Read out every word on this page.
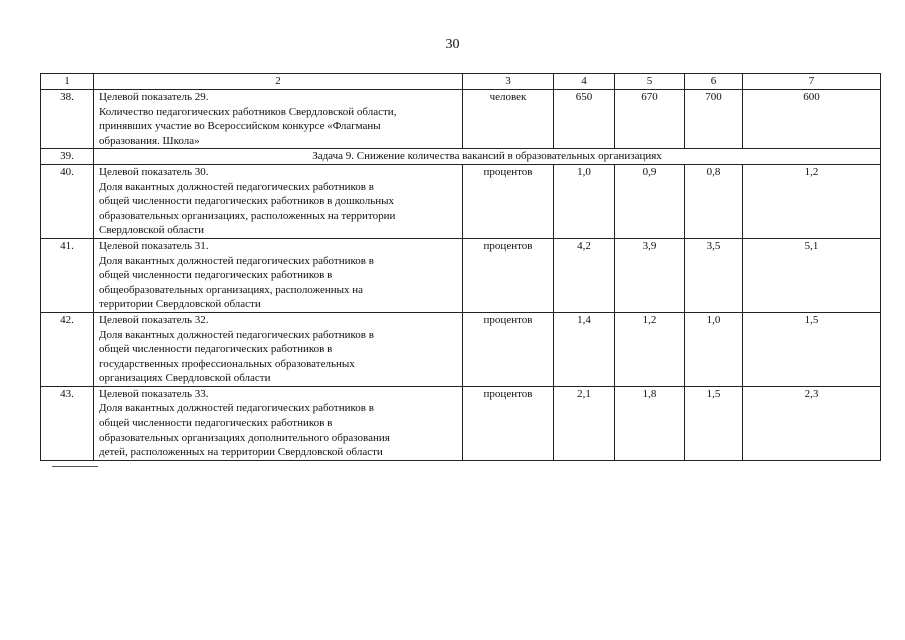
30
1	2	3	4	5	6	7
38.	Целевой показатель 29.
Количество педагогических работников Свердловской области,
принявших участие во Всероссийском конкурсе «Флагманы
образования. Школа»	человек	650	670	700	600
39.	Задача 9. Снижение количества вакансий в образовательных организациях					
40.	Целевой показатель 30.
Доля вакантных должностей педагогических работников в
общей численности педагогических работников в дошкольных
образовательных организациях, расположенных на территории
Свердловской области	процентов	1,0	0,9	0,8	1,2
41.	Целевой показатель 31.
Доля вакантных должностей педагогических работников в
общей численности педагогических работников в
общеобразовательных организациях, расположенных на
территории Свердловской области	процентов	4,2	3,9	3,5	5,1
42.	Целевой показатель 32.
Доля вакантных должностей педагогических работников в
общей численности педагогических работников в
государственных профессиональных образовательных
организациях Свердловской области	процентов	1,4	1,2	1,0	1,5
43.	Целевой показатель 33.
Доля вакантных должностей педагогических работников в
общей численности педагогических работников в
образовательных организациях дополнительного образования
детей, расположенных на территории Свердловской области	процентов	2,1	1,8	1,5	2,3
